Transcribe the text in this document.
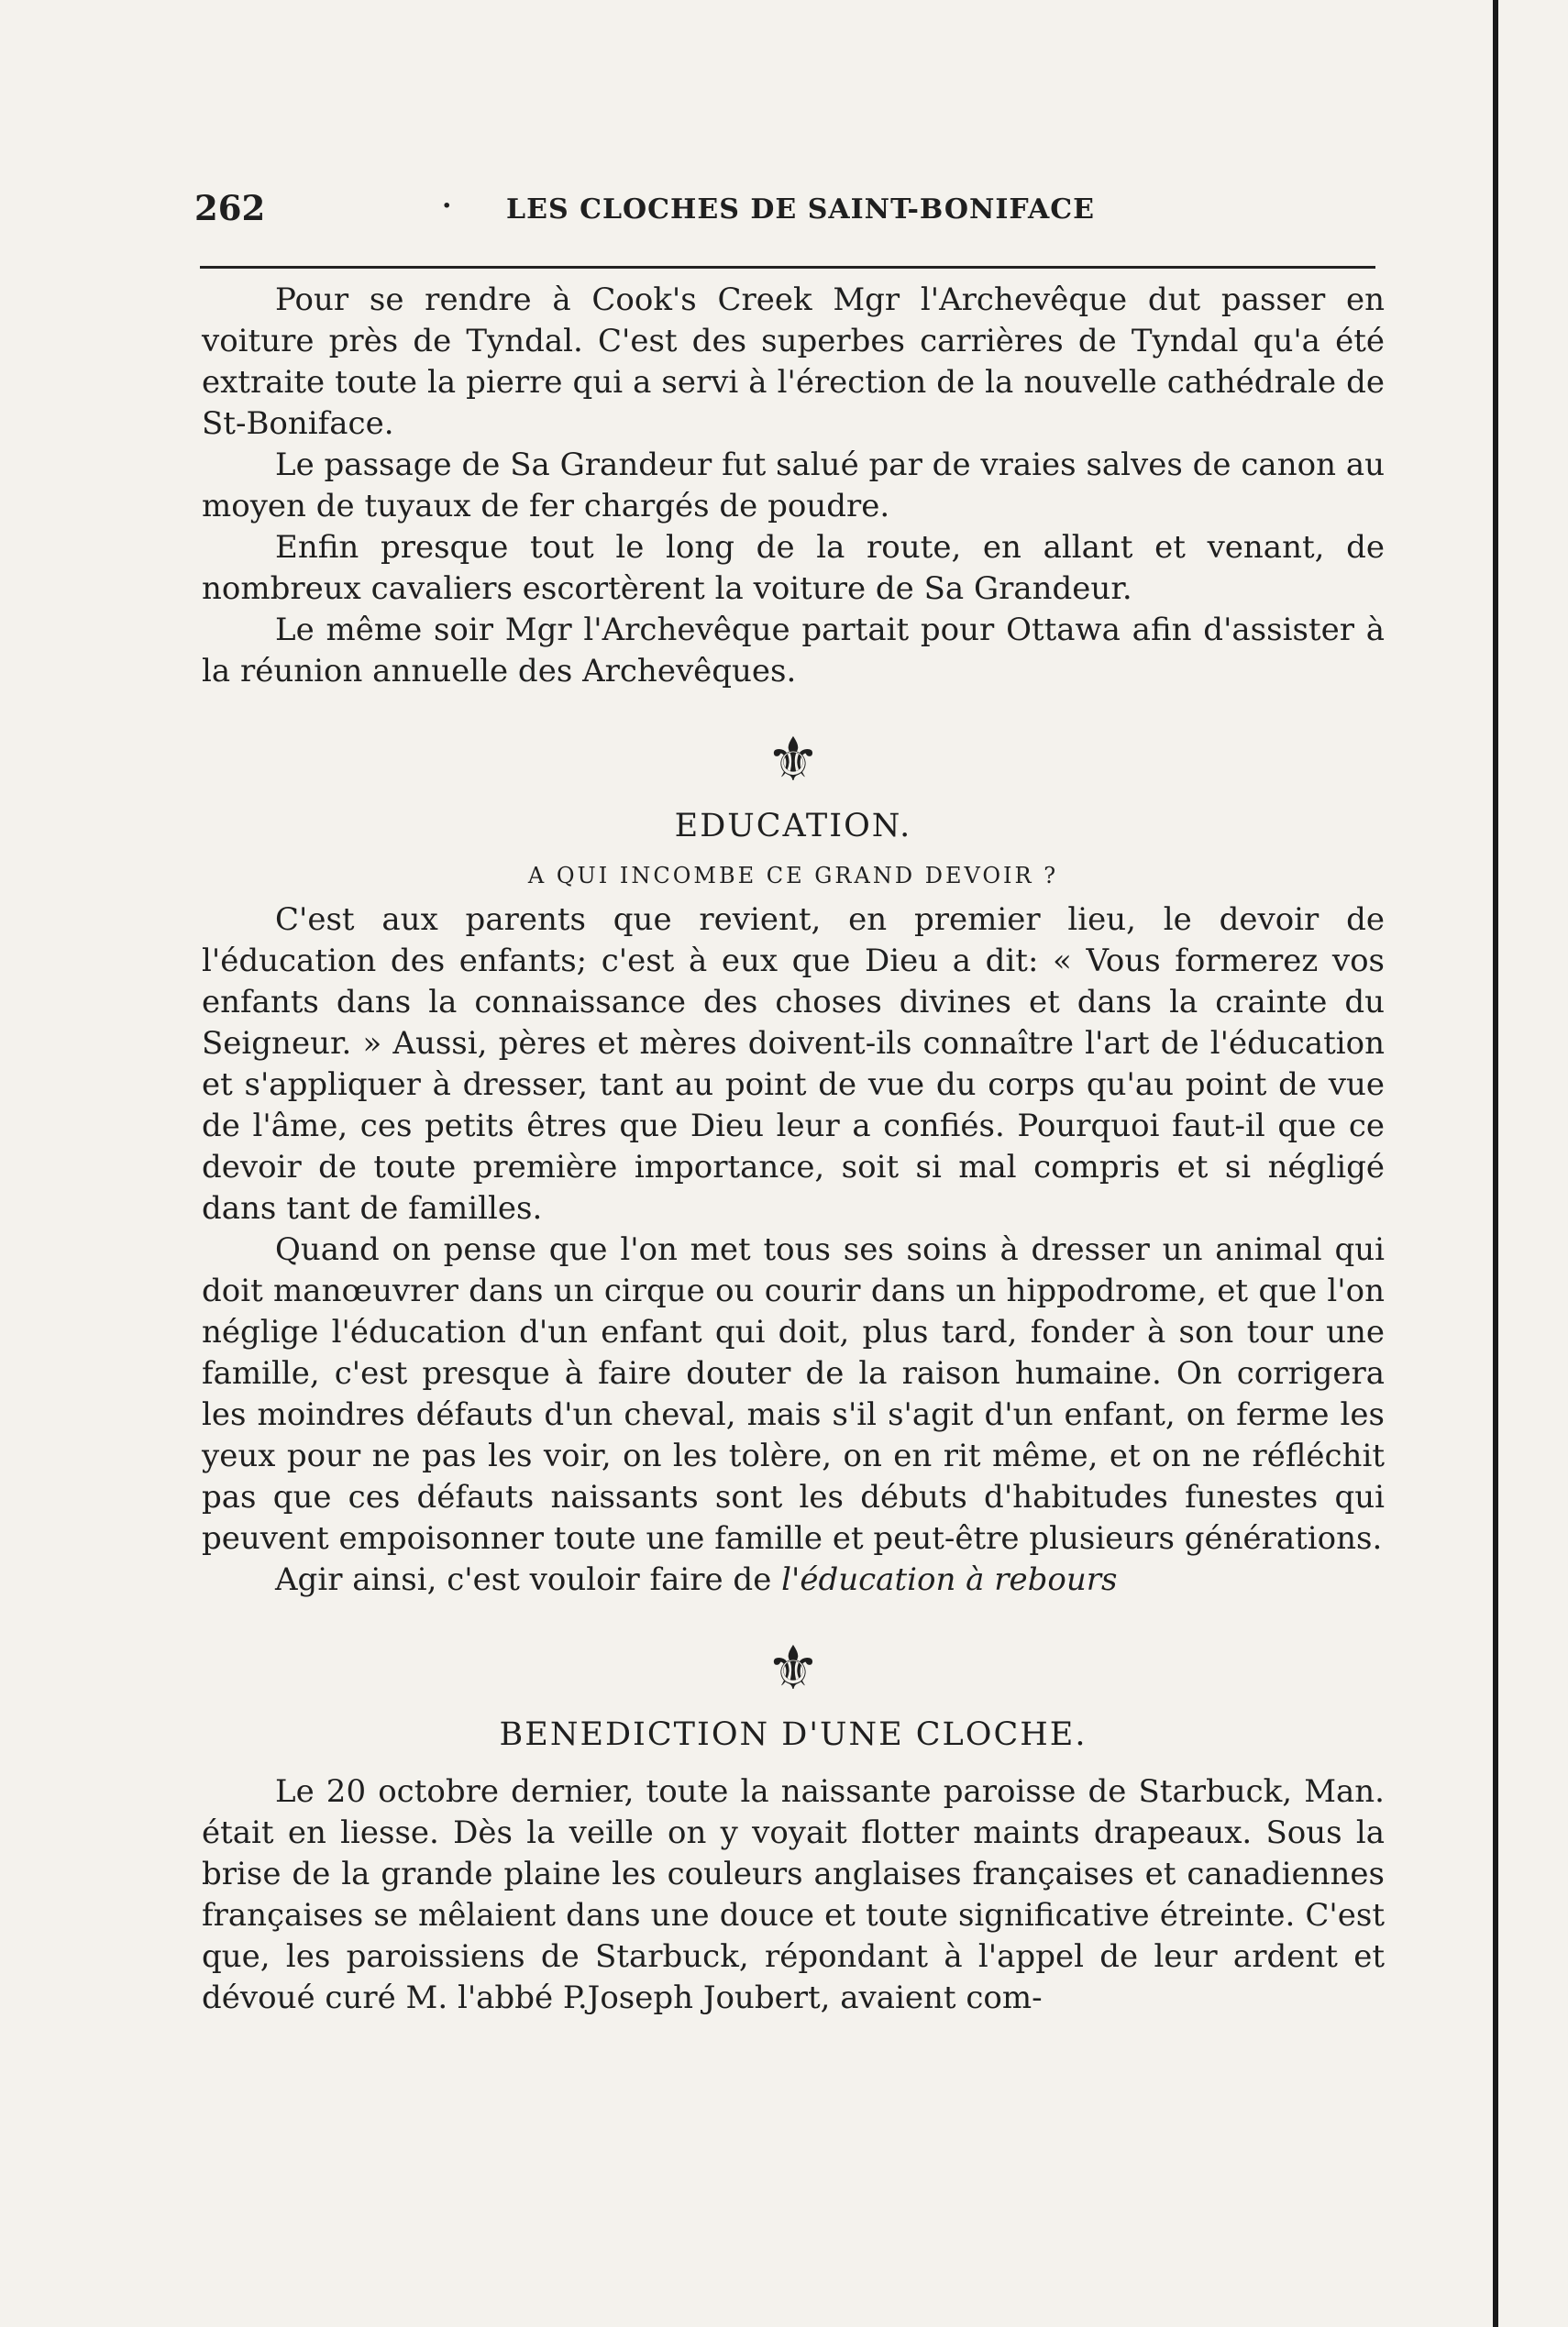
262	· LES CLOCHES DE SAINT-BONIFACE

Pour se rendre à Cook's Creek Mgr l'Archevêque dut passer en voiture près de Tyndal. C'est des superbes carrières de Tyndal qu'a été extraite toute la pierre qui a servi à l'érection de la nouvelle cathédrale de St-Boniface.

Le passage de Sa Grandeur fut salué par de vraies salves de canon au moyen de tuyaux de fer chargés de poudre.

Enfin presque tout le long de la route, en allant et venant, de nombreux cavaliers escortèrent la voiture de Sa Grandeur.

Le même soir Mgr l'Archevêque partait pour Ottawa afin d'assister à la réunion annuelle des Archevêques.

⚜
EDUCATION.
A QUI INCOMBE CE GRAND DEVOIR ?

C'est aux parents que revient, en premier lieu, le devoir de l'éducation des enfants; c'est à eux que Dieu a dit: « Vous formerez vos enfants dans la connaissance des choses divines et dans la crainte du Seigneur. » Aussi, pères et mères doivent-ils connaître l'art de l'éducation et s'appliquer à dresser, tant au point de vue du corps qu'au point de vue de l'âme, ces petits êtres que Dieu leur a confiés. Pourquoi faut-il que ce devoir de toute première importance, soit si mal compris et si négligé dans tant de familles.

Quand on pense que l'on met tous ses soins à dresser un animal qui doit manœuvrer dans un cirque ou courir dans un hippodrome, et que l'on néglige l'éducation d'un enfant qui doit, plus tard, fonder à son tour une famille, c'est presque à faire douter de la raison humaine. On corrigera les moindres défauts d'un cheval, mais s'il s'agit d'un enfant, on ferme les yeux pour ne pas les voir, on les tolère, on en rit même, et on ne réfléchit pas que ces défauts naissants sont les débuts d'habitudes funestes qui peuvent empoisonner toute une famille et peut-être plusieurs générations.

Agir ainsi, c'est vouloir faire de l'éducation à rebours

⚜
BENEDICTION D'UNE CLOCHE.

Le 20 octobre dernier, toute la naissante paroisse de Starbuck, Man. était en liesse. Dès la veille on y voyait flotter maints drapeaux. Sous la brise de la grande plaine les couleurs anglaises françaises et canadiennes françaises se mêlaient dans une douce et toute significative étreinte. C'est que, les paroissiens de Starbuck, répondant à l'appel de leur ardent et dévoué curé M. l'abbé P.Joseph Joubert, avaient com-
